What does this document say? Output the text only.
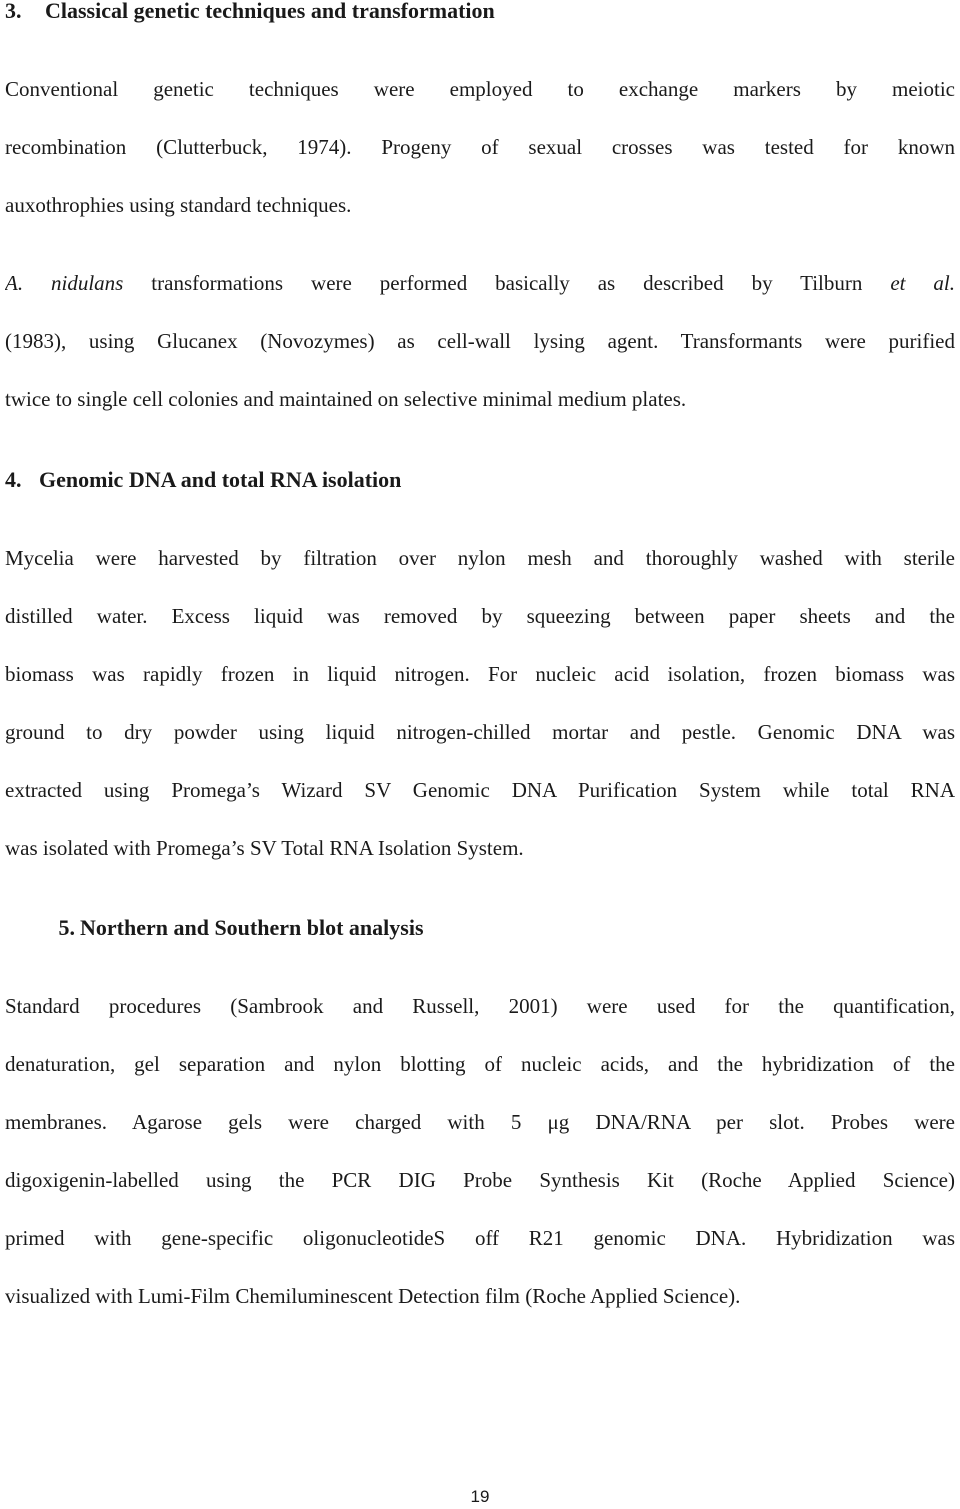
3. Classical genetic techniques and transformation
Conventional genetic techniques were employed to exchange markers by meiotic
recombination (Clutterbuck, 1974). Progeny of sexual crosses was tested for known
auxothrophies using standard techniques.
A. nidulans transformations were performed basically as described by Tilburn et al.
(1983), using Glucanex (Novozymes) as cell-wall lysing agent. Transformants were purified
twice to single cell colonies and maintained on selective minimal medium plates.
4. Genomic DNA and total RNA isolation
Mycelia were harvested by filtration over nylon mesh and thoroughly washed with sterile
distilled water. Excess liquid was removed by squeezing between paper sheets and the
biomass was rapidly frozen in liquid nitrogen. For nucleic acid isolation, frozen biomass was
ground to dry powder using liquid nitrogen-chilled mortar and pestle. Genomic DNA was
extracted using Promega’s Wizard SV Genomic DNA Purification System while total RNA
was isolated with Promega’s SV Total RNA Isolation System.
5. Northern and Southern blot analysis
Standard procedures (Sambrook and Russell, 2001) were used for the quantification,
denaturation, gel separation and nylon blotting of nucleic acids, and the hybridization of the
membranes. Agarose gels were charged with 5 μg DNA/RNA per slot. Probes were
digoxigenin-labelled using the PCR DIG Probe Synthesis Kit (Roche Applied Science)
primed with gene-specific oligonucleotideS off R21 genomic DNA. Hybridization was
visualized with Lumi-Film Chemiluminescent Detection film (Roche Applied Science).
19
